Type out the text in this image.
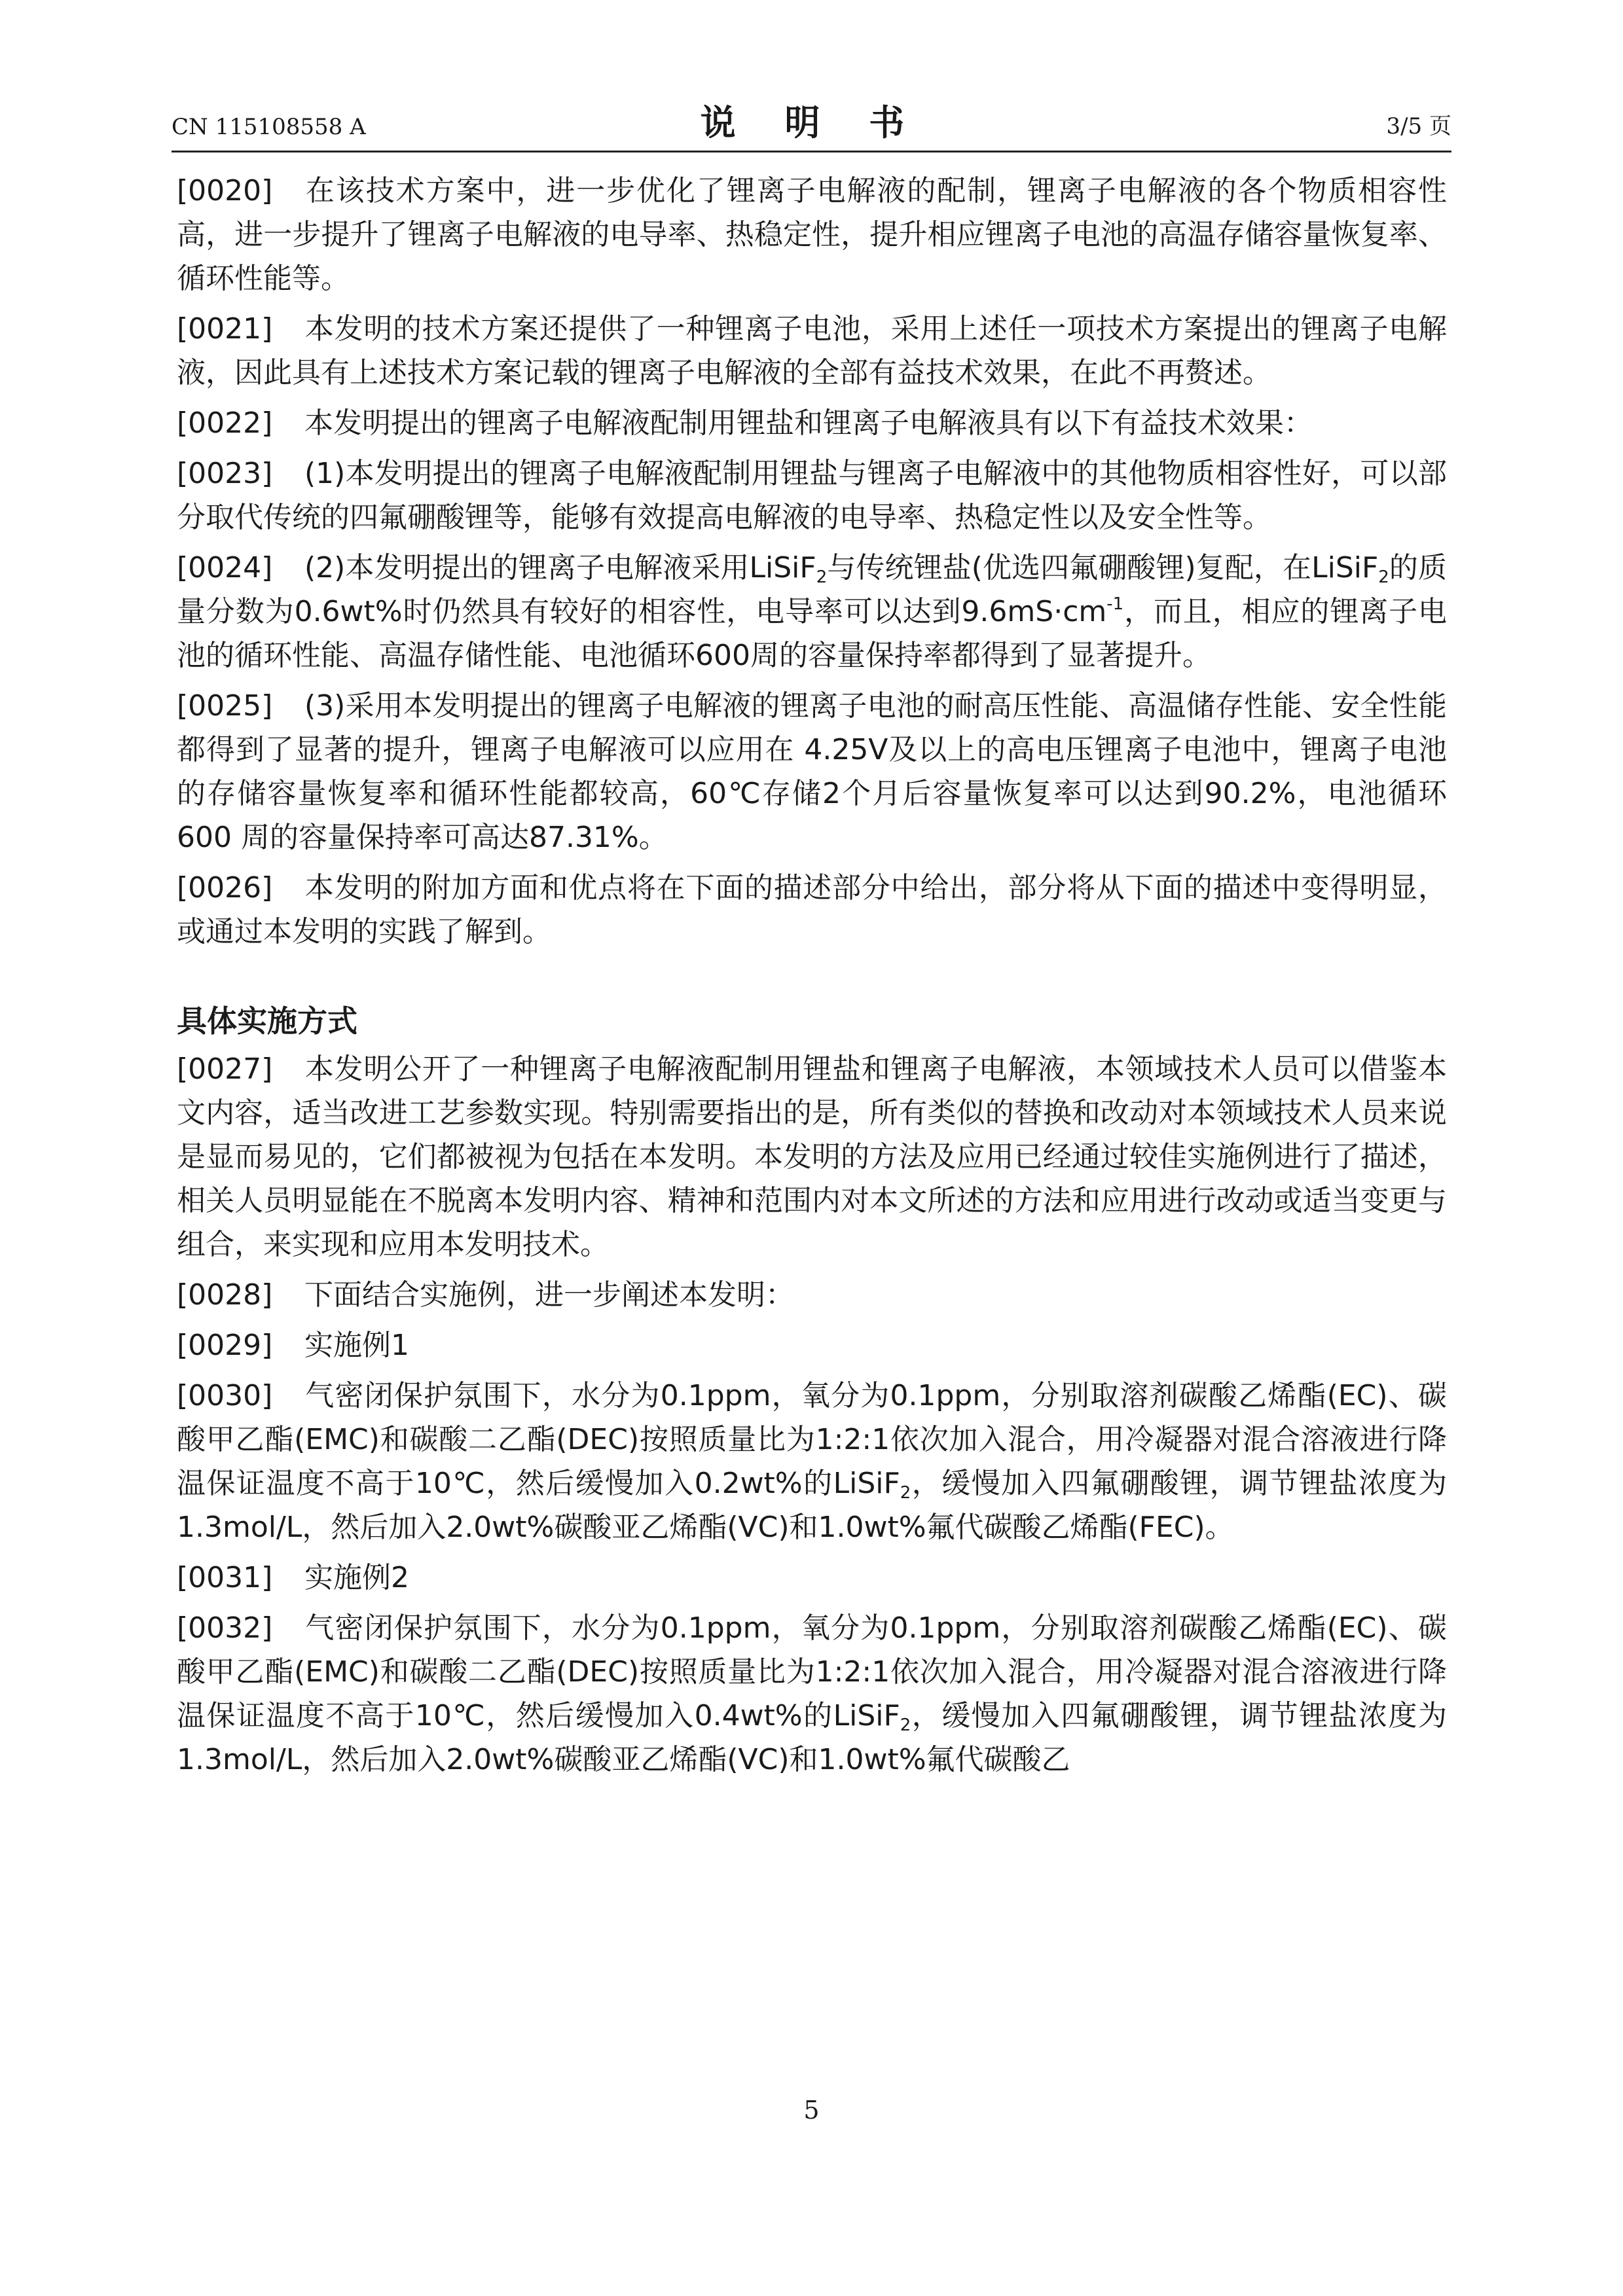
CN 115108558 A	说 明 书	3/5 页

[0020] 在该技术方案中，进一步优化了锂离子电解液的配制，锂离子电解液的各个物质相容性高，进一步提升了锂离子电解液的电导率、热稳定性，提升相应锂离子电池的高温存储容量恢复率、循环性能等。

[0021] 本发明的技术方案还提供了一种锂离子电池，采用上述任一项技术方案提出的锂离子电解液，因此具有上述技术方案记载的锂离子电解液的全部有益技术效果，在此不再赘述。

[0022] 本发明提出的锂离子电解液配制用锂盐和锂离子电解液具有以下有益技术效果：

[0023] (1)本发明提出的锂离子电解液配制用锂盐与锂离子电解液中的其他物质相容性好，可以部分取代传统的四氟硼酸锂等，能够有效提高电解液的电导率、热稳定性以及安全性等。

[0024] (2)本发明提出的锂离子电解液采用LiSiF$_2$与传统锂盐(优选四氟硼酸锂)复配，在LiSiF$_2$的质量分数为0.6wt%时仍然具有较好的相容性，电导率可以达到$9.6mS\cdot cm^{-1}$，而且，相应的锂离子电池的循环性能、高温存储性能、电池循环600周的容量保持率都得到了显著提升。

[0025] (3)采用本发明提出的锂离子电解液的锂离子电池的耐高压性能、高温储存性能、安全性能都得到了显著的提升，锂离子电解液可以应用在 4.25V及以上的高电压锂离子电池中，锂离子电池的存储容量恢复率和循环性能都较高，60℃存储2个月后容量恢复率可以达到90.2%，电池循环600 周的容量保持率可高达87.31%。

[0026] 本发明的附加方面和优点将在下面的描述部分中给出，部分将从下面的描述中变得明显，或通过本发明的实践了解到。

具体实施方式

[0027] 本发明公开了一种锂离子电解液配制用锂盐和锂离子电解液，本领域技术人员可以借鉴本文内容，适当改进工艺参数实现。特别需要指出的是，所有类似的替换和改动对本领域技术人员来说是显而易见的，它们都被视为包括在本发明。本发明的方法及应用已经通过较佳实施例进行了描述，相关人员明显能在不脱离本发明内容、精神和范围内对本文所述的方法和应用进行改动或适当变更与组合，来实现和应用本发明技术。

[0028] 下面结合实施例，进一步阐述本发明：

[0029] 实施例1

[0030] 气密闭保护氛围下，水分为0.1ppm，氧分为0.1ppm，分别取溶剂碳酸乙烯酯(EC)、碳酸甲乙酯(EMC)和碳酸二乙酯(DEC)按照质量比为1:2:1依次加入混合，用冷凝器对混合溶液进行降温保证温度不高于10℃，然后缓慢加入0.2wt%的LiSiF$_2$，缓慢加入四氟硼酸锂，调节锂盐浓度为1.3mol/L，然后加入2.0wt%碳酸亚乙烯酯(VC)和1.0wt%氟代碳酸乙烯酯(FEC)。

[0031] 实施例2

[0032] 气密闭保护氛围下，水分为0.1ppm，氧分为0.1ppm，分别取溶剂碳酸乙烯酯(EC)、碳酸甲乙酯(EMC)和碳酸二乙酯(DEC)按照质量比为1:2:1依次加入混合，用冷凝器对混合溶液进行降温保证温度不高于10℃，然后缓慢加入0.4wt%的LiSiF$_2$，缓慢加入四氟硼酸锂，调节锂盐浓度为1.3mol/L，然后加入2.0wt%碳酸亚乙烯酯(VC)和1.0wt%氟代碳酸乙

5
